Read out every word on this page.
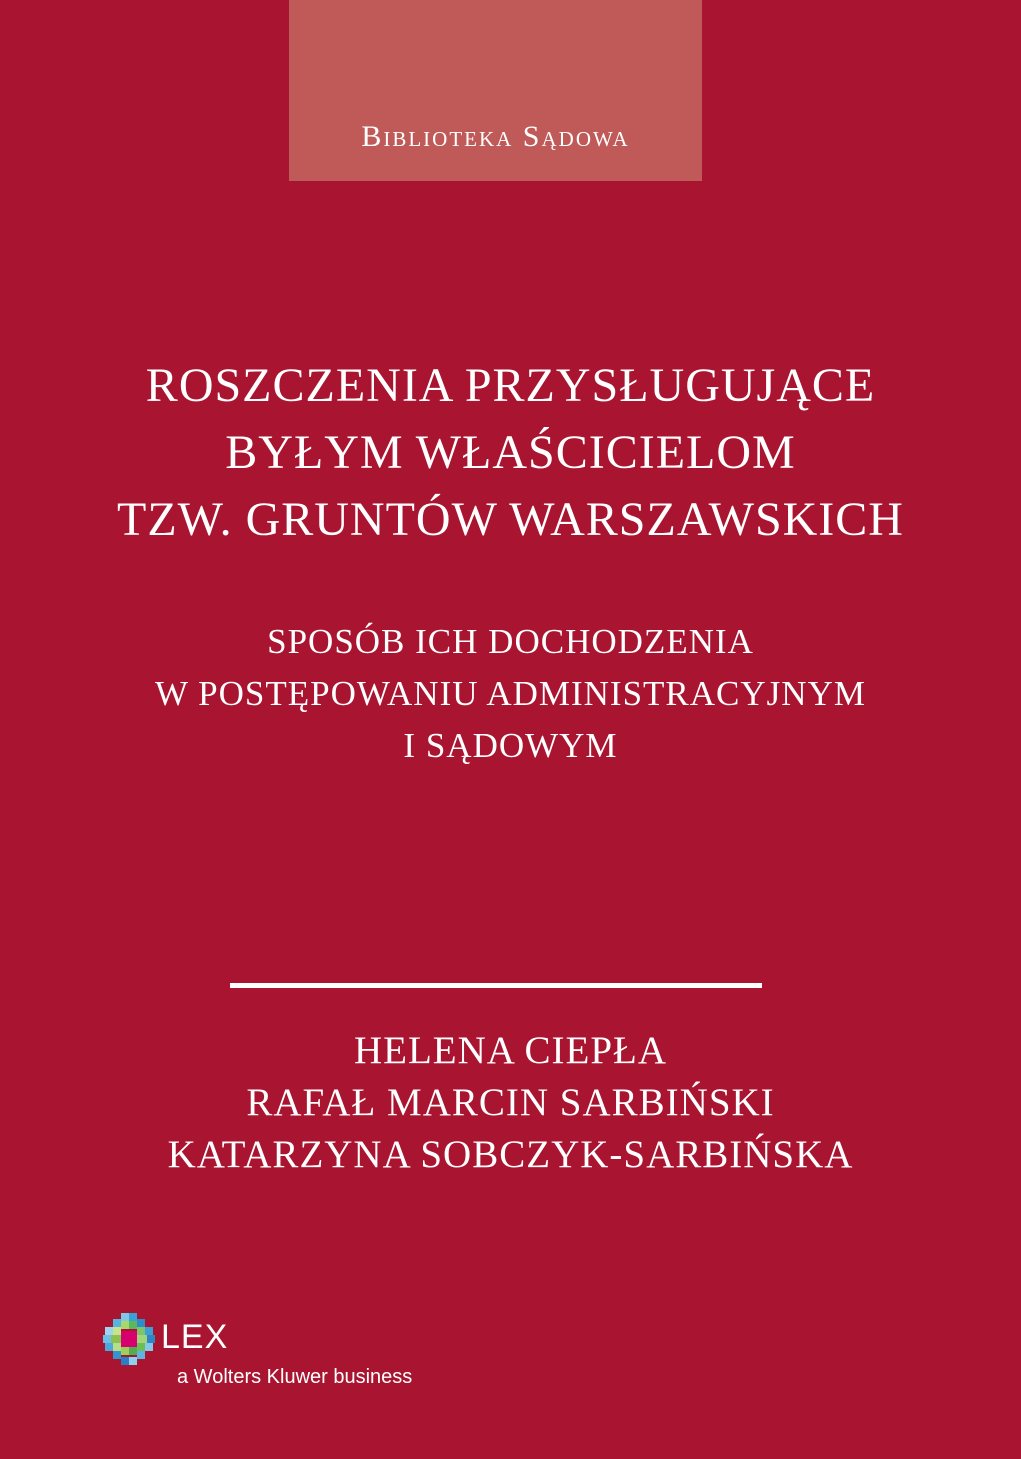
Biblioteka Sądowa
ROSZCZENIA PRZYSŁUGUJĄCE
BYŁYM WŁAŚCICIELOM
TZW. GRUNTÓW WARSZAWSKICH
SPOSÓB ICH DOCHODZENIA
W POSTĘPOWANIU ADMINISTRACYJNYM
I SĄDOWYM
HELENA CIEPŁA
RAFAŁ MARCIN SARBIŃSKI
KATARZYNA SOBCZYK-SARBIŃSKA
LEX
a Wolters Kluwer business
